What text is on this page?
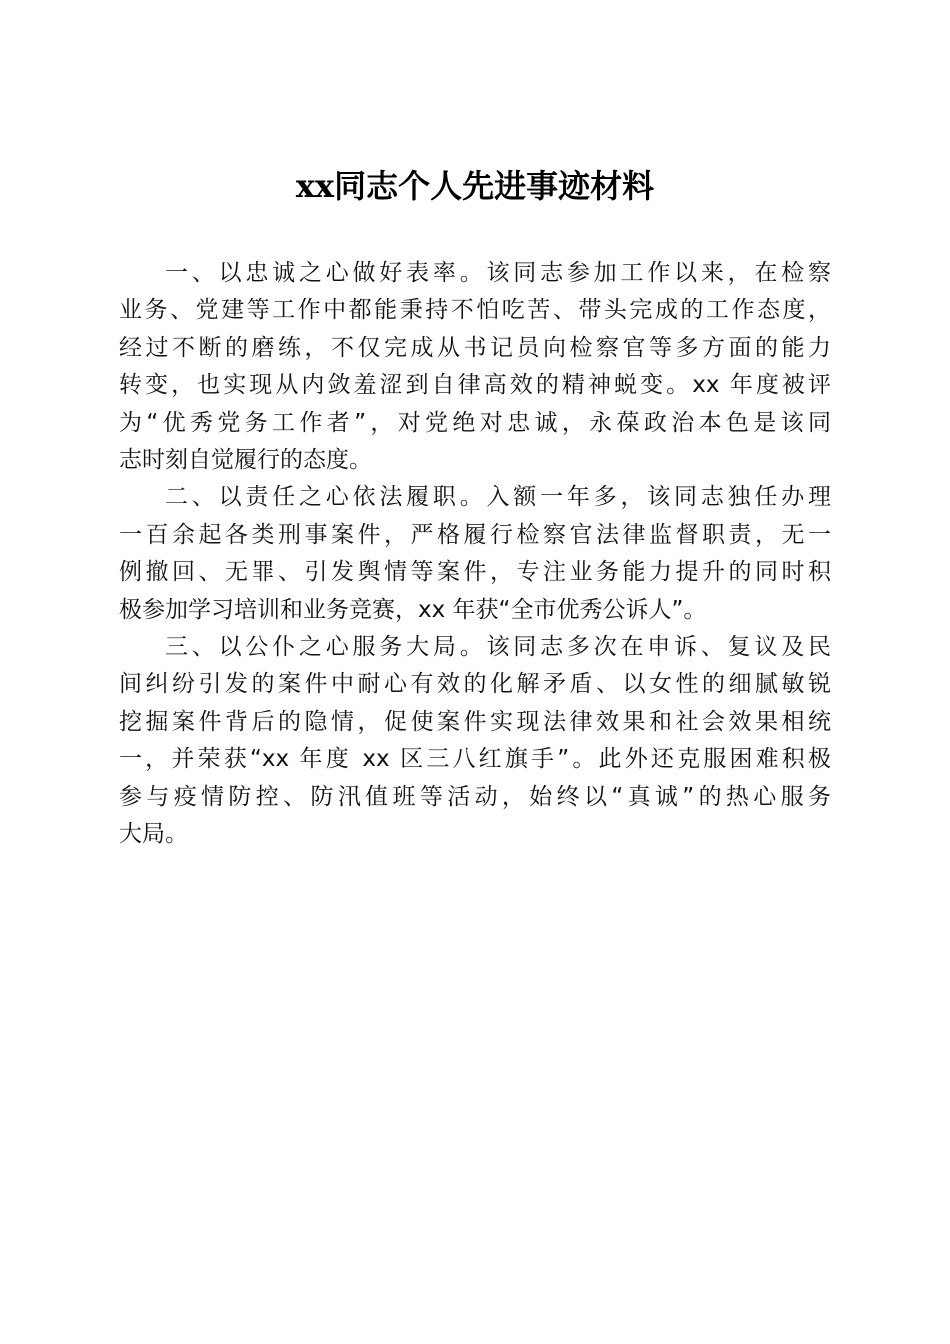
xx同志个人先进事迹材料

一、以忠诚之心做好表率。该同志参加工作以来，在检察
业务、党建等工作中都能秉持不怕吃苦、带头完成的工作态度，
经过不断的磨练，不仅完成从书记员向检察官等多方面的能力
转变，也实现从内敛羞涩到自律高效的精神蜕变。xx 年度被评
为“优秀党务工作者”，对党绝对忠诚，永葆政治本色是该同
志时刻自觉履行的态度。

二、以责任之心依法履职。入额一年多，该同志独任办理
一百余起各类刑事案件，严格履行检察官法律监督职责，无一
例撤回、无罪、引发舆情等案件，专注业务能力提升的同时积
极参加学习培训和业务竞赛，xx 年获“全市优秀公诉人”。

三、以公仆之心服务大局。该同志多次在申诉、复议及民
间纠纷引发的案件中耐心有效的化解矛盾、以女性的细腻敏锐
挖掘案件背后的隐情，促使案件实现法律效果和社会效果相统
一，并荣获“xx 年度 xx 区三八红旗手”。此外还克服困难积极
参与疫情防控、防汛值班等活动，始终以“真诚”的热心服务
大局。
